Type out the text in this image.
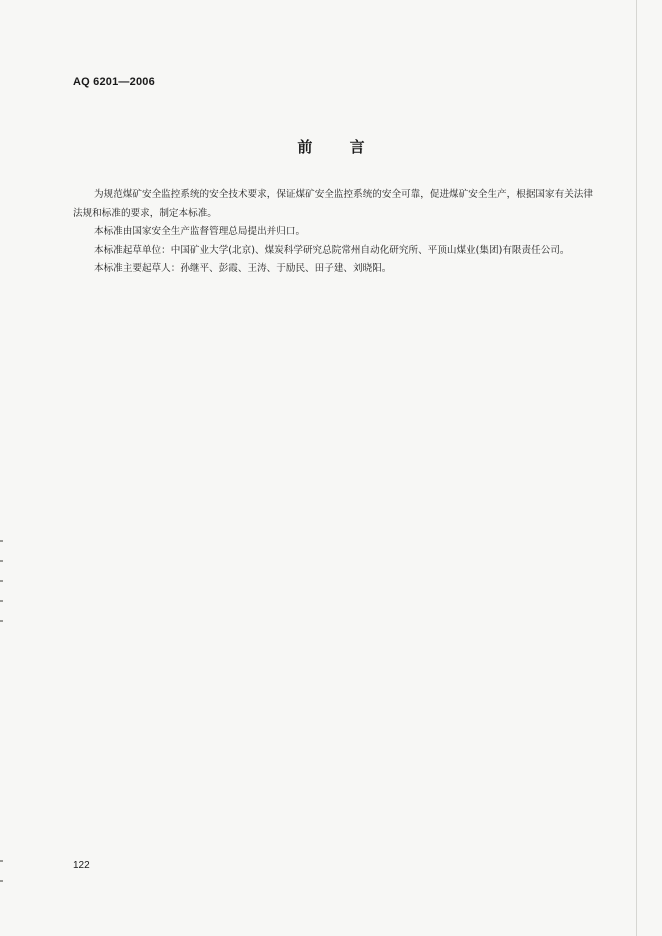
AQ 6201—2006
前 言

为规范煤矿安全监控系统的安全技术要求，保证煤矿安全监控系统的安全可靠，促进煤矿安全生产，根据国家有关法律法规和标准的要求，制定本标准。

本标准由国家安全生产监督管理总局提出并归口。

本标准起草单位：中国矿业大学(北京)、煤炭科学研究总院常州自动化研究所、平顶山煤业(集团)有限责任公司。

本标准主要起草人：孙继平、彭霞、王涛、于励民、田子建、刘晓阳。

122
